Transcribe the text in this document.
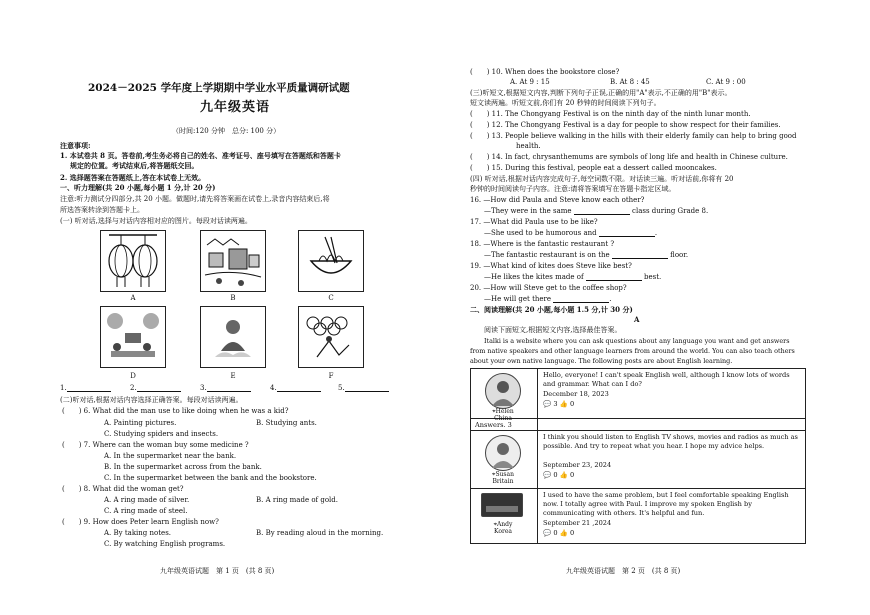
2024－2025 学年度上学期期中学业水平质量调研试题
九年级英语
（时间:120 分钟　总分: 100 分）
注意事项:
1. 本试卷共 8 页。答卷前,考生务必将自己的姓名、准考证号、座号填写在答题纸和答题卡
规定的位置。考试结束后,将答题纸交回。
2. 选择题答案在答题纸上,答在本试卷上无效。
一、听力理解(共 20 小题,每小题 1 分,计 20 分)
注意:听力测试分四部分,共 20 小题。做题时,请先将答案画在试卷上,录音内容结束后,将
所选答案转涂到答题卡上。
(一) 听对话,选择与对话内容相对应的图片。每段对话读两遍。
A	B	C
D	E	F
1.	2.	3.	4.	5.
(二)听对话,根据对话内容选择正确答案。每段对话读两遍。
(　　) 6. What did the man use to like doing when he was a kid?
A. Painting pictures.	B. Studying ants.
C. Studying spiders and insects.
(　　) 7. Where can the woman buy some medicine ?
A. In the supermarket near the bank.
B. In the supermarket across from the bank.
C. In the supermarket between the bank and the bookstore.
(　　) 8. What did the woman get?
A. A ring made of silver.	B. A ring made of gold.
C. A ring made of steel.
(　　) 9. How does Peter learn English now?
A. By taking notes.	B. By reading aloud in the morning.
C. By watching English programs.
九年级英语试题　第 1 页　(共 8 页)
(　　) 10. When does the bookstore close?
A. At 9 : 15	B. At 8 : 45	C. At 9 : 00
(三)听短文,根据短文内容,判断下列句子正误,正确的用"A"表示,不正确的用"B"表示。
短文读两遍。听短文前,你们有 20 秒钟的时间阅读下列句子。
(　　) 11. The Chongyang Festival is on the ninth day of the ninth lunar month.
(　　) 12. The Chongyang Festival is a day for people to show respect for their families.
(　　) 13. People believe walking in the hills with their elderly family can help to bring good
health.
(　　) 14. In fact, chrysanthemums are symbols of long life and health in Chinese culture.
(　　) 15. During this festival, people eat a dessert called mooncakes.
(四) 听对话,根据对话内容完成句子,每空词数不限。对话读三遍。听对话前,你将有 20
秒钟的时间阅读句子内容。注意:请将答案填写在答题卡指定区域。
16. —How did Paula and Steve know each other?
—They were in the same	class during Grade 8.
17. —What did Paula use to be like?
—She used to be humorous and	.
18. —Where is the fantastic restaurant ?
—The fantastic restaurant is on the	floor.
19. —What kind of kites does Steve like best?
—He likes the kites made of	best.
20. —How will Steve get to the coffee shop?
—He will get there	.
二、阅读理解(共 20 小题,每小题 1.5 分,计 30 分)
A
阅读下面短文,根据短文内容,选择最佳答案。
Italki is a website where you can ask questions about any language you want and get answers
from native speakers and other language learners from around the world. You can also teach others
about your own native language. The following posts are about English learning.
九年级英语试题　第 2 页　(共 8 页)
⌖Helen
China
Hello, everyone! I can't speak English well, although I know lots of words and grammar. What can I do?
December 18, 2023
💬 3 👍 0
Answers. 3
⌖Susan
Britain
I think you should listen to English TV shows, movies and radios as much as possible. And try to repeat what you hear. I hope my advice helps.
September 23, 2024
💬 0 👍 0
⌖Andy
Korea
I used to have the same problem, but I feel comfortable speaking English now. I totally agree with Paul. I improve my spoken English by communicating with others. It's helpful and fun.
September 21 ,2024
💬 0 👍 0
